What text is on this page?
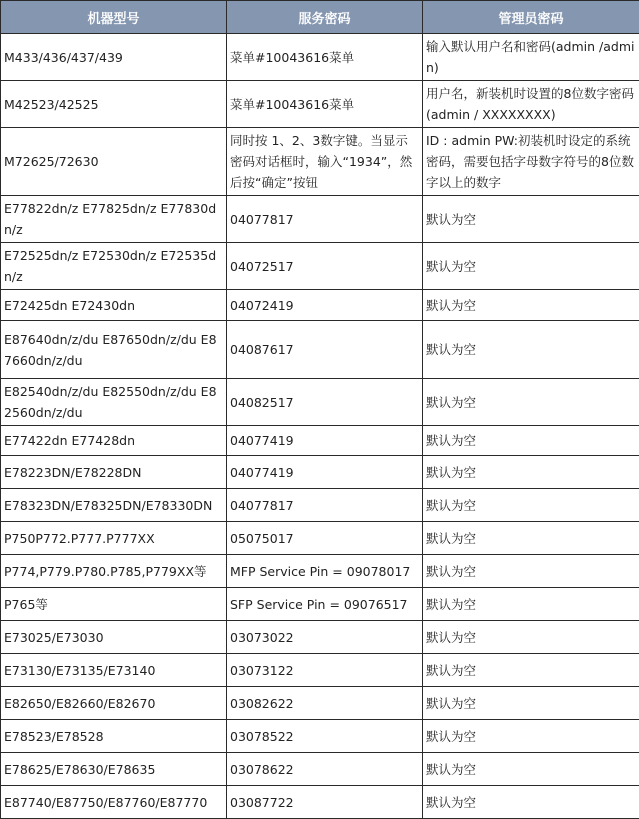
机器型号	服务密码	管理员密码
M433/436/437/439	菜单#10043616菜单	输入默认用户名和密码(admin /admin)
M42523/42525	菜单#10043616菜单	用户名，新装机时设置的8位数字密码(admin / XXXXXXXX)
M72625/72630	同时按 1、2、3数字键。当显示密码对话框时，输入“1934”，然后按“确定”按钮	ID : admin PW:初装机时设定的系统密码，需要包括字母数字符号的8位数字以上的数字
E77822dn/z E77825dn/z E77830dn/z	04077817	默认为空
E72525dn/z E72530dn/z E72535dn/z	04072517	默认为空
E72425dn E72430dn	04072419	默认为空
E87640dn/z/du E87650dn/z/du E87660dn/z/du	04087617	默认为空
E82540dn/z/du E82550dn/z/du E82560dn/z/du	04082517	默认为空
E77422dn E77428dn	04077419	默认为空
E78223DN/E78228DN	04077419	默认为空
E78323DN/E78325DN/E78330DN	04077817	默认为空
P750P772.P777.P777XX	05075017	默认为空
P774,P779.P780.P785,P779XX等	MFP Service Pin = 09078017	默认为空
P765等	SFP Service Pin = 09076517	默认为空
E73025/E73030	03073022	默认为空
E73130/E73135/E73140	03073122	默认为空
E82650/E82660/E82670	03082622	默认为空
E78523/E78528	03078522	默认为空
E78625/E78630/E78635	03078622	默认为空
E87740/E87750/E87760/E87770	03087722	默认为空
